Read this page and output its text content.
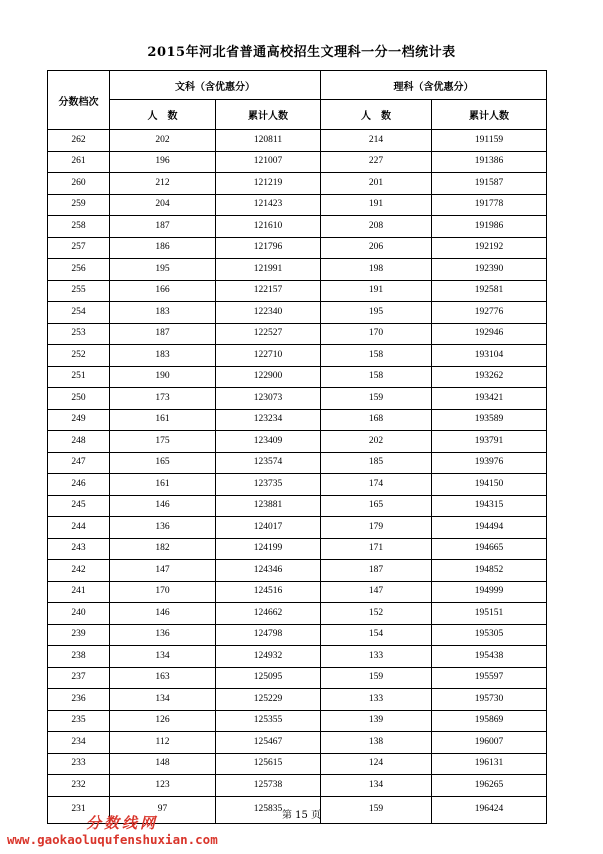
2015年河北省普通高校招生文理科一分一档统计表
分数档次	文科（含优惠分）		理科（含优惠分）	
	人　数	累计人数	人　数	累计人数
262	202	120811	214	191159
261	196	121007	227	191386
260	212	121219	201	191587
259	204	121423	191	191778
258	187	121610	208	191986
257	186	121796	206	192192
256	195	121991	198	192390
255	166	122157	191	192581
254	183	122340	195	192776
253	187	122527	170	192946
252	183	122710	158	193104
251	190	122900	158	193262
250	173	123073	159	193421
249	161	123234	168	193589
248	175	123409	202	193791
247	165	123574	185	193976
246	161	123735	174	194150
245	146	123881	165	194315
244	136	124017	179	194494
243	182	124199	171	194665
242	147	124346	187	194852
241	170	124516	147	194999
240	146	124662	152	195151
239	136	124798	154	195305
238	134	124932	133	195438
237	163	125095	159	195597
236	134	125229	133	195730
235	126	125355	139	195869
234	112	125467	138	196007
233	148	125615	124	196131
232	123	125738	134	196265
231	97	125835	159	196424
第 15 页
分数线网
www.gaokaoluqufenshuxian.com
